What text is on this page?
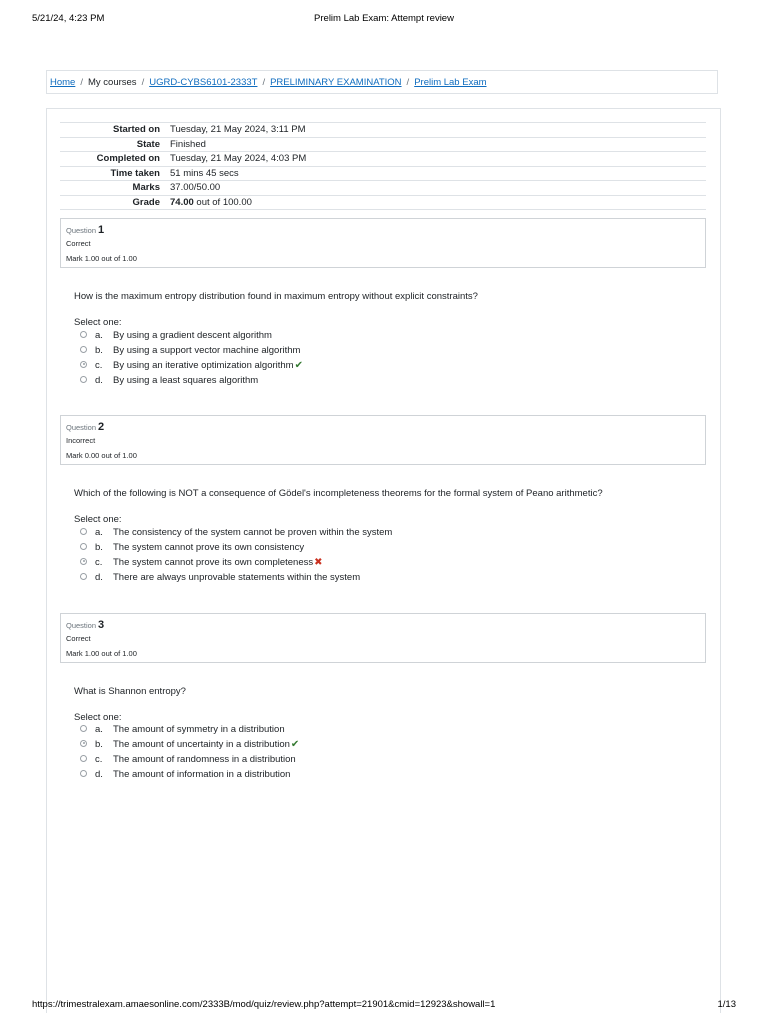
5/21/24, 4:23 PM	Prelim Lab Exam: Attempt review
Home / My courses / UGRD-CYBS6101-2333T / PRELIMINARY EXAMINATION / Prelim Lab Exam
Started on	Tuesday, 21 May 2024, 3:11 PM
State	Finished
Completed on	Tuesday, 21 May 2024, 4:03 PM
Time taken	51 mins 45 secs
Marks	37.00/50.00
Grade	74.00 out of 100.00
Question 1
Correct
Mark 1.00 out of 1.00
How is the maximum entropy distribution found in maximum entropy without explicit constraints?
Select one:
a. By using a gradient descent algorithm
b. By using a support vector machine algorithm
c. By using an iterative optimization algorithm✔
d. By using a least squares algorithm
Question 2
Incorrect
Mark 0.00 out of 1.00
Which of the following is NOT a consequence of Gödel's incompleteness theorems for the formal system of Peano arithmetic?
Select one:
a. The consistency of the system cannot be proven within the system
b. The system cannot prove its own consistency
c. The system cannot prove its own completeness✖
d. There are always unprovable statements within the system
Question 3
Correct
Mark 1.00 out of 1.00
What is Shannon entropy?
Select one:
a. The amount of symmetry in a distribution
b. The amount of uncertainty in a distribution✔
c. The amount of randomness in a distribution
d. The amount of information in a distribution
https://trimestralexam.amaesonline.com/2333B/mod/quiz/review.php?attempt=21901&cmid=12923&showall=1	1/13
